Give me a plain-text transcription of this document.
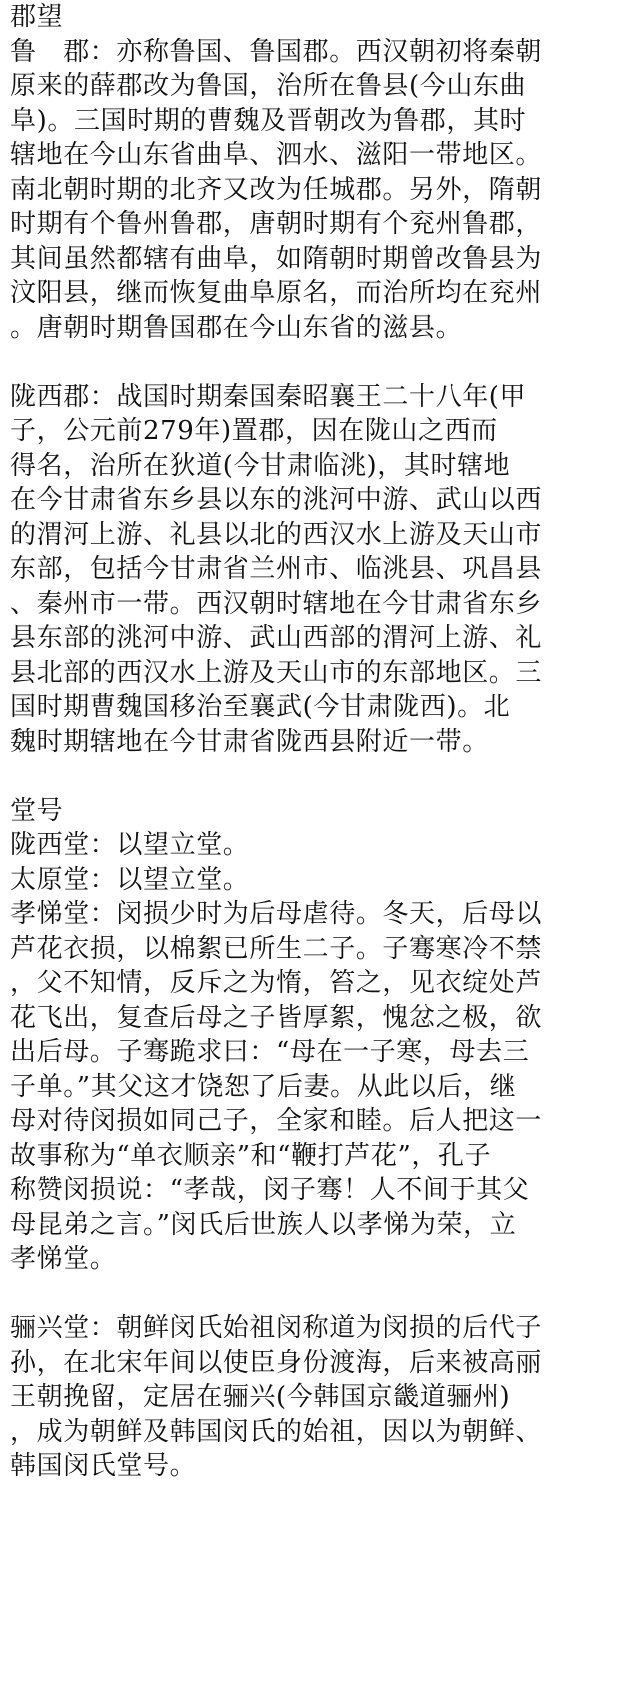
郡望
鲁　郡：亦称鲁国、鲁国郡。西汉朝初将秦朝
原来的薛郡改为鲁国，治所在鲁县(今山东曲
阜)。三国时期的曹魏及晋朝改为鲁郡，其时
辖地在今山东省曲阜、泗水、滋阳一带地区。
南北朝时期的北齐又改为任城郡。另外，隋朝
时期有个鲁州鲁郡，唐朝时期有个兖州鲁郡，
其间虽然都辖有曲阜，如隋朝时期曾改鲁县为
汶阳县，继而恢复曲阜原名，而治所均在兖州
。唐朝时期鲁国郡在今山东省的滋县。
陇西郡：战国时期秦国秦昭襄王二十八年(甲
子，公元前279年)置郡，因在陇山之西而
得名，治所在狄道(今甘肃临洮)，其时辖地
在今甘肃省东乡县以东的洮河中游、武山以西
的渭河上游、礼县以北的西汉水上游及天山市
东部，包括今甘肃省兰州市、临洮县、巩昌县
、秦州市一带。西汉朝时辖地在今甘肃省东乡
县东部的洮河中游、武山西部的渭河上游、礼
县北部的西汉水上游及天山市的东部地区。三
国时期曹魏国移治至襄武(今甘肃陇西)。北
魏时期辖地在今甘肃省陇西县附近一带。
堂号
陇西堂：以望立堂。
太原堂：以望立堂。
孝悌堂：闵损少时为后母虐待。冬天，后母以
芦花衣损，以棉絮已所生二子。子骞寒冷不禁
，父不知情，反斥之为惰，笞之，见衣绽处芦
花飞出，复查后母之子皆厚絮，愧忿之极，欲
出后母。子骞跪求曰：“母在一子寒，母去三
子单。”其父这才饶恕了后妻。从此以后，继
母对待闵损如同己子，全家和睦。后人把这一
故事称为“单衣顺亲”和“鞭打芦花”，孔子
称赞闵损说：“孝哉，闵子骞！人不间于其父
母昆弟之言。”闵氏后世族人以孝悌为荣，立
孝悌堂。
骊兴堂：朝鲜闵氏始祖闵称道为闵损的后代子
孙，在北宋年间以使臣身份渡海，后来被高丽
王朝挽留，定居在骊兴(今韩国京畿道骊州)
，成为朝鲜及韩国闵氏的始祖，因以为朝鲜、
韩国闵氏堂号。
